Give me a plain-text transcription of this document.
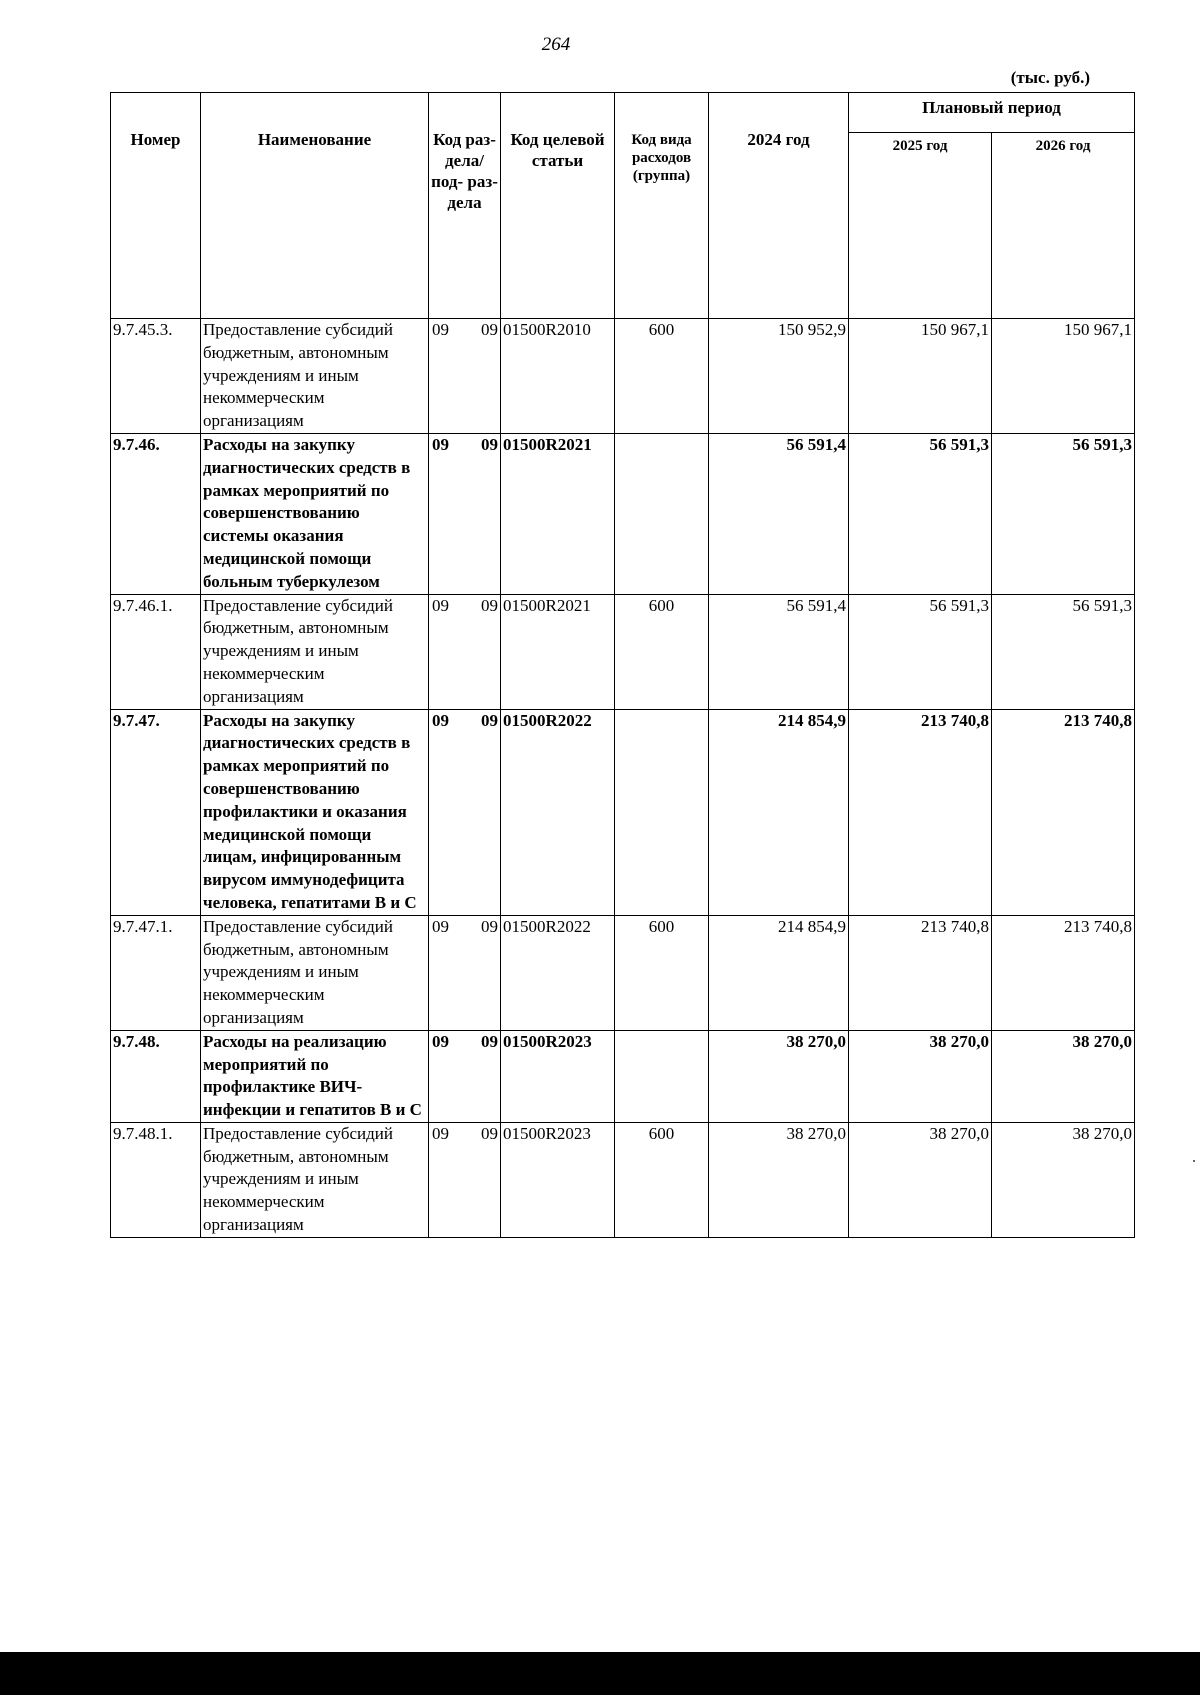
264
(тыс. руб.)
Номер	Наименование	Код раз- дела/ под- раз- дела	Код целевой статьи	Код вида расходов (группа)	2024 год	Плановый период	
						2025 год	2026 год
9.7.45.3.	Предоставление субсидий бюджетным, автономным учреждениям и иным некоммерческим организациям	09 09	01500R2010	600	150 952,9	150 967,1	150 967,1
9.7.46.	Расходы на закупку диагностических средств в рамках мероприятий по совершенствованию системы оказания медицинской помощи больным туберкулезом	09 09	01500R2021		56 591,4	56 591,3	56 591,3
9.7.46.1.	Предоставление субсидий бюджетным, автономным учреждениям и иным некоммерческим организациям	09 09	01500R2021	600	56 591,4	56 591,3	56 591,3
9.7.47.	Расходы на закупку диагностических средств в рамках мероприятий по совершенствованию профилактики и оказания медицинской помощи лицам, инфицированным вирусом иммунодефицита человека, гепатитами B и C	09 09	01500R2022		214 854,9	213 740,8	213 740,8
9.7.47.1.	Предоставление субсидий бюджетным, автономным учреждениям и иным некоммерческим организациям	09 09	01500R2022	600	214 854,9	213 740,8	213 740,8
9.7.48.	Расходы на реализацию мероприятий по профилактике ВИЧ-инфекции и гепатитов B и C	09 09	01500R2023		38 270,0	38 270,0	38 270,0
9.7.48.1.	Предоставление субсидий бюджетным, автономным учреждениям и иным некоммерческим организациям	09 09	01500R2023	600	38 270,0	38 270,0	38 270,0
